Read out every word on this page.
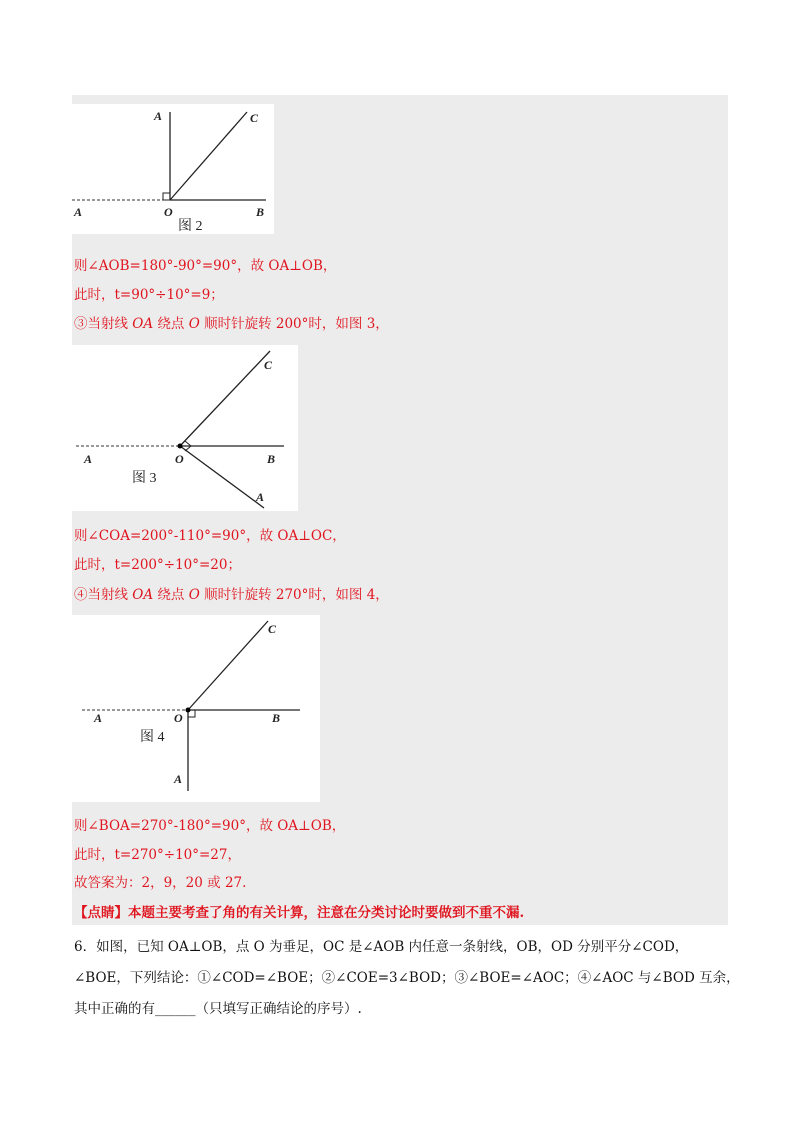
A	C
A	O	B
图 2
则∠AOB=180°-90°=90°，故 OA⊥OB，
此时，t=90°÷10°=9；
③当射线 OA 绕点 O 顺时针旋转 200°时，如图 3，
C
A	O	B
A
图 3
则∠COA=200°-110°=90°，故 OA⊥OC，
此时，t=200°÷10°=20；
④当射线 OA 绕点 O 顺时针旋转 270°时，如图 4，
C
A	O	B
A
图 4
则∠BOA=270°-180°=90°，故 OA⊥OB，
此时，t=270°÷10°=27，
故答案为：2，9，20 或 27.
【点睛】本题主要考查了角的有关计算，注意在分类讨论时要做到不重不漏.
6．如图，已知 OA⊥OB，点 O 为垂足，OC 是∠AOB 内任意一条射线，OB，OD 分别平分∠COD，
∠BOE，下列结论：①∠COD=∠BOE；②∠COE=3∠BOD；③∠BOE=∠AOC；④∠AOC 与∠BOD 互余，
其中正确的有______（只填写正确结论的序号）.
